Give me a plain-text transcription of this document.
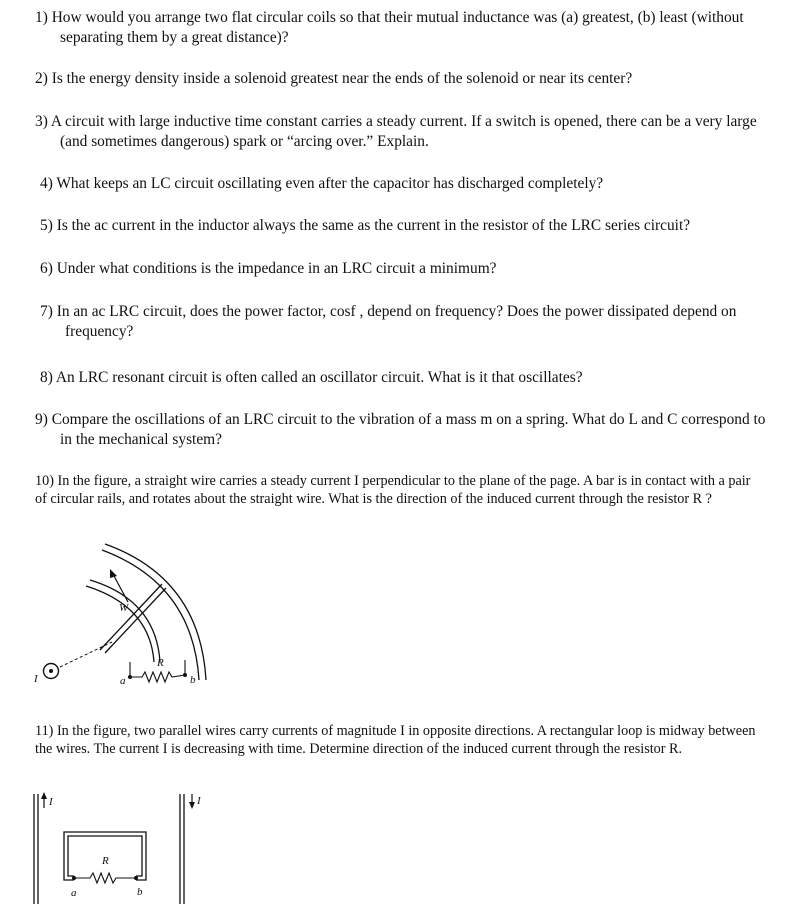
1) How would you arrange two flat circular coils so that their mutual inductance was (a) greatest, (b) least (without separating them by a great distance)?
2) Is the energy density inside a solenoid greatest near the ends of the solenoid or near its center?
3) A circuit with large inductive time constant carries a steady current. If a switch is opened, there can be a very large (and sometimes dangerous) spark or “arcing over.” Explain.
4) What keeps an LC circuit oscillating even after the capacitor has discharged completely?
5) Is the ac current in the inductor always the same as the current in the resistor of the LRC series circuit?
6) Under what conditions is the impedance in an LRC circuit a minimum?
7) In an ac LRC circuit, does the power factor, cosf , depend on frequency? Does the power dissipated depend on frequency?
8) An LRC resonant circuit is often called an oscillator circuit. What is it that oscillates?
9) Compare the oscillations of an LRC circuit to the vibration of a mass m on a spring. What do L and C correspond to in the mechanical system?
10) In the figure, a straight wire carries a steady current I perpendicular to the plane of the page. A bar is in contact with a pair of circular rails, and rotates about the straight wire. What is the direction of the induced current through the resistor R ?
I
W
R
a	b
11) In the figure, two parallel wires carry currents of magnitude I in opposite directions. A rectangular loop is midway between the wires. The current I is decreasing with time. Determine direction of the induced current through the resistor R.
I	I
R
a	b
